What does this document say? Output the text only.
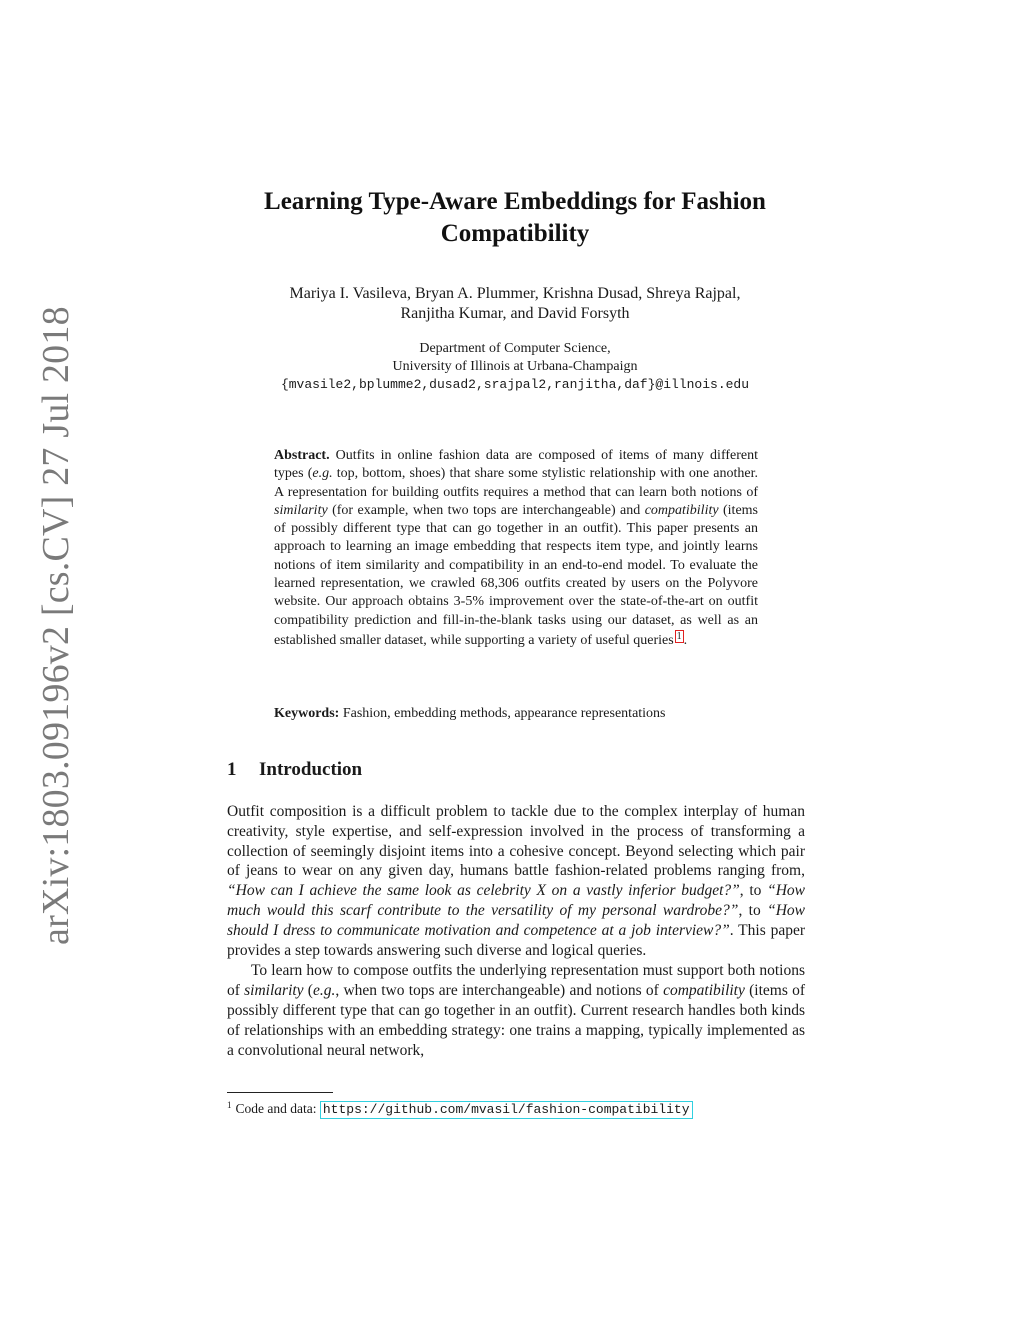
arXiv:1803.09196v2 [cs.CV] 27 Jul 2018
Learning Type-Aware Embeddings for Fashion
Compatibility
Mariya I. Vasileva, Bryan A. Plummer, Krishna Dusad, Shreya Rajpal,
Ranjitha Kumar, and David Forsyth
Department of Computer Science,
University of Illinois at Urbana-Champaign
{mvasile2,bplumme2,dusad2,srajpal2,ranjitha,daf}@illnois.edu
Abstract. Outfits in online fashion data are composed of items of many different types (e.g. top, bottom, shoes) that share some stylistic relationship with one another. A representation for building outfits requires a method that can learn both notions of similarity (for example, when two tops are interchangeable) and compatibility (items of possibly different type that can go together in an outfit). This paper presents an approach to learning an image embedding that respects item type, and jointly learns notions of item similarity and compatibility in an end-to-end model. To evaluate the learned representation, we crawled 68,306 outfits created by users on the Polyvore website. Our approach obtains 3-5% improvement over the state-of-the-art on outfit compatibility prediction and fill-in-the-blank tasks using our dataset, as well as an established smaller dataset, while supporting a variety of useful queries 1 .
Keywords: Fashion, embedding methods, appearance representations
1 Introduction

Outfit composition is a difficult problem to tackle due to the complex interplay of human creativity, style expertise, and self-expression involved in the process of transforming a collection of seemingly disjoint items into a cohesive concept. Beyond selecting which pair of jeans to wear on any given day, humans battle fashion-related problems ranging from, “How can I achieve the same look as celebrity X on a vastly inferior budget?”, to “How much would this scarf contribute to the versatility of my personal wardrobe?”, to “How should I dress to communicate motivation and competence at a job interview?”. This paper provides a step towards answering such diverse and logical queries.

To learn how to compose outfits the underlying representation must support both notions of similarity (e.g., when two tops are interchangeable) and notions of compatibility (items of possibly different type that can go together in an outfit). Current research handles both kinds of relationships with an embedding strategy: one trains a mapping, typically implemented as a convolutional neural network,

$^1$ Code and data: https://github.com/mvasil/fashion-compatibility
